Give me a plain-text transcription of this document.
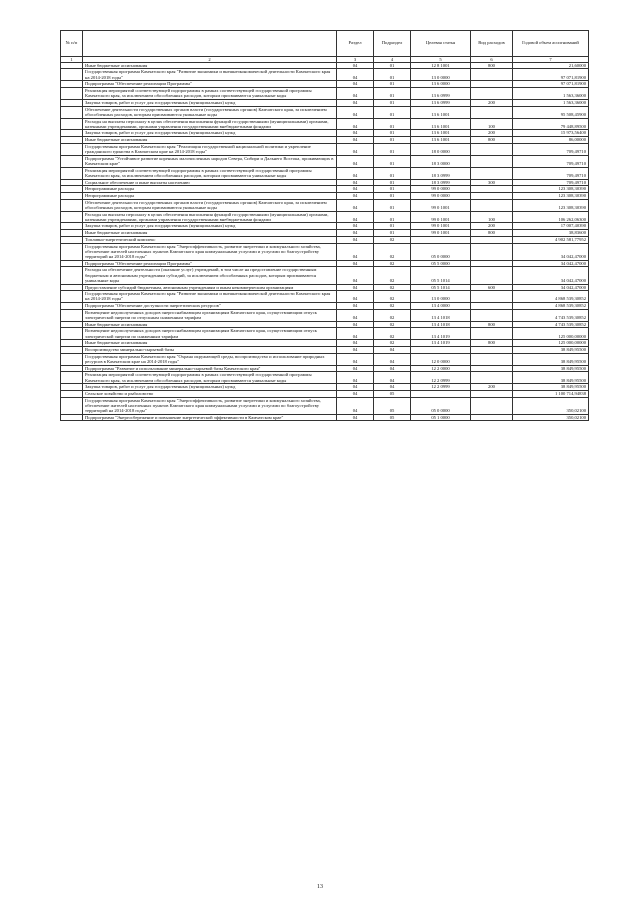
№ п/п		Раздел	Подраздел	Целевая статья	Вид расходов	Годовой объем ассигнований
1	2	3	4	5	6	7
	Иные бюджетные ассигнования	04	01	12 8 1001	800	21,60000
	Государственная программа Камчатского края "Развитие экономики и внешнеэкономической деятельности Камчатского края на 2014-2018 годы"	04	01	13 0 0000		97 071,81900
	Подпрограмма "Обеспечение реализации Программы"	04	01	13 6 0000		97 071,81900
	Реализация мероприятий соответствующей подпрограммы в рамках соответствующей государственной программы Камчатского края, за исключением обособленных расходов, которым присваиваются уникальные коды	04	01	13 6 0999		1 563,36000
	Закупка товаров, работ и услуг для государственных (муниципальных) нужд	04	01	13 6 0999	200	1 563,36000
	Обеспечение деятельности государственных органов власти (государственных органов) Камчатского края, за исключением обособленных расходов, которым присваиваются уникальные коды	04	01	13 6 1001		95 508,45900
	Расходы на выплаты персоналу в целях обеспечения выполнения функций государственными (муниципальными) органами, казенными учреждениями, органами управления государственными внебюджетными фондами	04	01	13 6 1001	100	79 448,89500
	Закупка товаров, работ и услуг для государственных (муниципальных) нужд	04	01	13 6 1001	200	15 973,56400
	Иные бюджетные ассигнования	04	01	13 6 1001	800	86,00000
	Государственная программа Камчатского края "Реализация государственной национальной политики и укрепление гражданского единства в Камчатском крае на 2014-2018 годы"	04	01	18 0 0000		709,49710
	Подпрограмма "Устойчивое развитие коренных малочисленных народов Севера, Сибири и Дальнего Востока, проживающих в Камчатском крае"	04	01	18 3 0000		709,49710
	Реализация мероприятий соответствующей подпрограммы в рамках соответствующей государственной программы Камчатского края, за исключением обособленных расходов, которым присваиваются уникальные коды	04	01	18 3 0999		709,49710
	Социальное обеспечение и иные выплаты населению	04	01	18 3 0999	300	709,49710
	Непрограммные расходы	04	01	99 0 0000		123 308,30390
	Непрограммные расходы	04	01	99 0 0000		123 308,30390
	Обеспечение деятельности государственных органов власти (государственных органов) Камчатского края, за исключением обособленных расходов, которым присваиваются уникальные коды	04	01	99 0 1001		123 308,30390
	Расходы на выплаты персоналу в целях обеспечения выполнения функций государственными (муниципальными) органами, казенными учреждениями, органами управления государственными внебюджетными фондами	04	01	99 0 1001	100	106 262,06300
	Закупка товаров, работ и услуг для государственных (муниципальных) нужд	04	01	99 0 1001	200	17 007,40390
	Иные бюджетные ассигнования	04	01	99 0 1001	800	38,83600
	Топливно-энергетический комплекс	04	02			4 902 581,77952
	Государственная программа Камчатского края "Энергоэффективность, развитие энергетики и коммунального хозяйства, обеспечение жителей населенных пунктов Камчатского края коммунальными услугами и услугами по благоустройству территорий на 2014-2018 годы"	04	02	05 0 0000		34 042,47000
	Подпрограмма "Обеспечение реализации Программы"	04	02	05 5 0000		34 042,47000
	Расходы на обеспечение деятельности (оказание услуг) учреждений, в том числе на предоставление государственным бюджетным и автономным учреждениям субсидий, за исключением обособленных расходов, которым присваиваются уникальные коды	04	02	05 5 1014		34 042,47000
	Предоставление субсидий бюджетным, автономным учреждениям и иным некоммерческим организациям	04	02	05 5 1014	600	34 042,47000
	Государственная программа Камчатского края "Развитие экономики и внешнеэкономической деятельности Камчатского края на 2014-2018 годы"	04	02	13 0 0000		4 868 539,30852
	Подпрограмма "Обеспечение доступности энергетических ресурсов"	04	02	13 4 0000		4 868 539,30852
	Возмещение недополученных доходов энергоснабжающим организациям Камчатского края, осуществляющим отпуск электрической энергии по отпускным сниженным тарифам	04	02	13 4 1018		4 743 539,30852
	Иные бюджетные ассигнования	04	02	13 4 1018	800	4 743 539,30852
	Возмещение недополученных доходов энергоснабжающим организациям Камчатского края, осуществляющим отпуск электрической энергии по сниженным тарифам	04	02	13 4 1019		125 000,00000
	Иные бюджетные ассигнования	04	02	13 4 1019	800	125 000,00000
	Воспроизводство минерально-сырьевой базы	04	04			38 849,95500
	Государственная программа Камчатского края "Охрана окружающей среды, воспроизводство и использование природных ресурсов в Камчатском крае на 2014-2018 годы"	04	04	12 0 0000		38 849,95500
	Подпрограмма "Развитие и использование минерально-сырьевой базы Камчатского края"	04	04	12 2 0000		38 849,95500
	Реализация мероприятий соответствующей подпрограммы в рамках соответствующей государственной программы Камчатского края, за исключением обособленных расходов, которым присваиваются уникальные коды	04	04	12 2 0999		38 849,95500
	Закупка товаров, работ и услуг для государственных (муниципальных) нужд	04	04	12 2 0999	200	38 849,95500
	Сельское хозяйство и рыболовство	04	05			1 100 714,94838
	Государственная программа Камчатского края "Энергоэффективность, развитие энергетики и коммунального хозяйства, обеспечение жителей населенных пунктов Камчатского края коммунальными услугами и услугами по благоустройству территорий на 2014-2018 годы"	04	05	05 0 0000		350,02100
	Подпрограмма "Энергосбережение и повышение энергетической эффективности в Камчатском крае"	04	05	05 1 0000		350,02100
13
